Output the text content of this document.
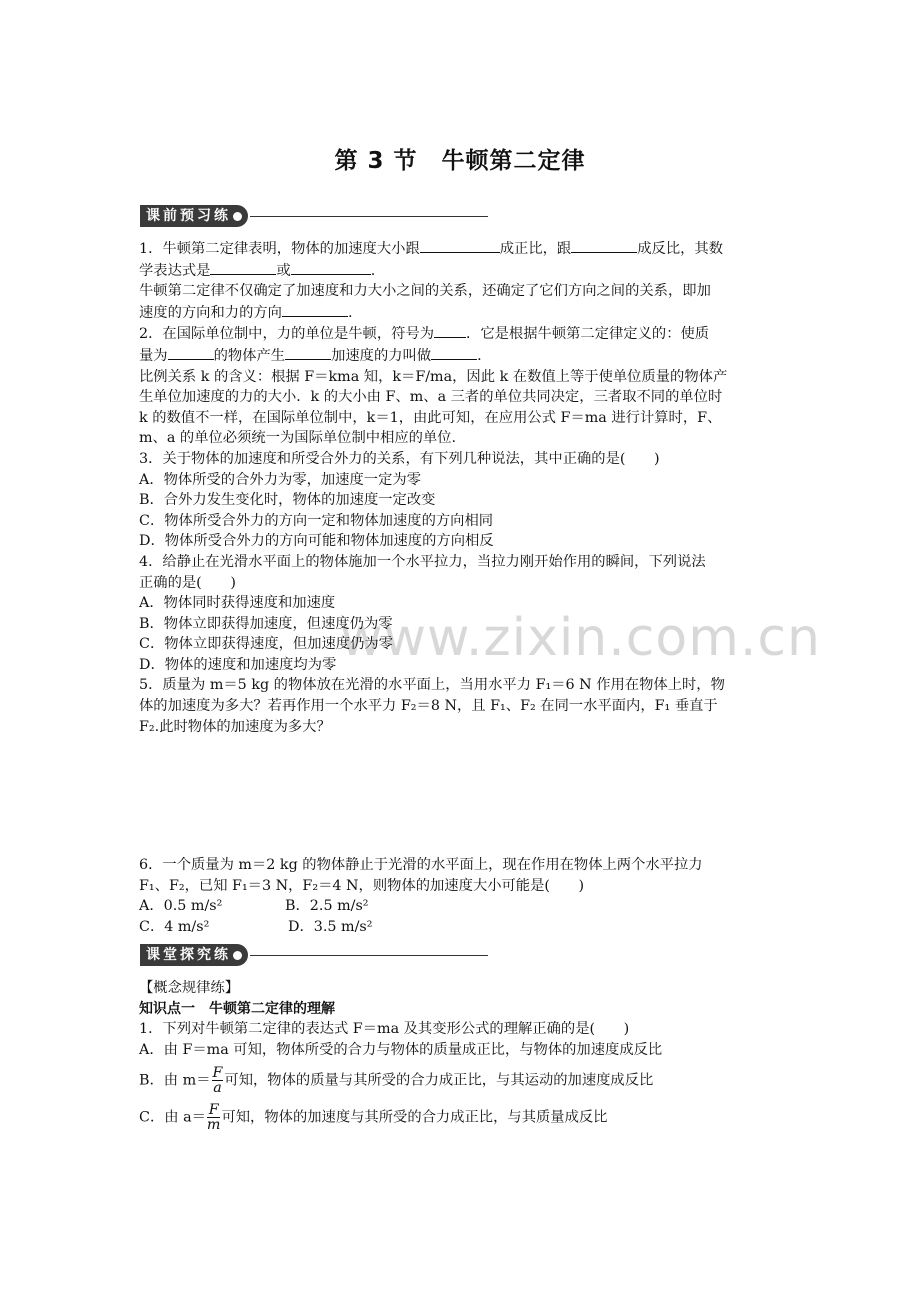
www.zixin.com.cn
第 3 节　牛顿第二定律
课前预习练

1．牛顿第二定律表明，物体的加速度大小跟	成正比，跟	成反比，其数

学表达式是	或	.

牛顿第二定律不仅确定了加速度和力大小之间的关系，还确定了它们方向之间的关系，即加

速度的方向和力的方向	.

2．在国际单位制中，力的单位是牛顿，符号为 ．它是根据牛顿第二定律定义的：使质

量为	的物体产生	加速度的力叫做	.

比例关系 k 的含义：根据 F＝kma 知，k＝F/ma，因此 k 在数值上等于使单位质量的物体产

生单位加速度的力的大小．k 的大小由 F、m、a 三者的单位共同决定，三者取不同的单位时

k 的数值不一样，在国际单位制中，k＝1，由此可知，在应用公式 F＝ma 进行计算时，F、

m、a 的单位必须统一为国际单位制中相应的单位.

3．关于物体的加速度和所受合外力的关系，有下列几种说法，其中正确的是(　　)

A．物体所受的合外力为零，加速度一定为零

B．合外力发生变化时，物体的加速度一定改变

C．物体所受合外力的方向一定和物体加速度的方向相同

D．物体所受合外力的方向可能和物体加速度的方向相反

4．给静止在光滑水平面上的物体施加一个水平拉力，当拉力刚开始作用的瞬间，下列说法

正确的是(　　)

A．物体同时获得速度和加速度

B．物体立即获得加速度，但速度仍为零

C．物体立即获得速度，但加速度仍为零

D．物体的速度和加速度均为零

5．质量为 m＝5 kg 的物体放在光滑的水平面上，当用水平力 F₁＝6 N 作用在物体上时，物

体的加速度为多大？若再作用一个水平力 F₂＝8 N，且 F₁、F₂ 在同一水平面内，F₁ 垂直于

F₂.此时物体的加速度为多大？

6．一个质量为 m＝2 kg 的物体静止于光滑的水平面上，现在作用在物体上两个水平拉力

F₁、F₂，已知 F₁＝3 N，F₂＝4 N，则物体的加速度大小可能是(　　)

A．0.5 m/s²	B．2.5 m/s²

C．4 m/s²	D．3.5 m/s²

课堂探究练

【概念规律练】

知识点一　牛顿第二定律的理解

1．下列对牛顿第二定律的表达式 F＝ma 及其变形公式的理解正确的是(　　)

A．由 F＝ma 可知，物体所受的合力与物体的质量成正比，与物体的加速度成反比

B．由 $m= \frac{F}{a}$ 可知，物体的质量与其所受的合力成正比，与其运动的加速度成反比

C．由 $a= \frac{F}{m}$ 可知，物体的加速度与其所受的合力成正比，与其质量成反比
